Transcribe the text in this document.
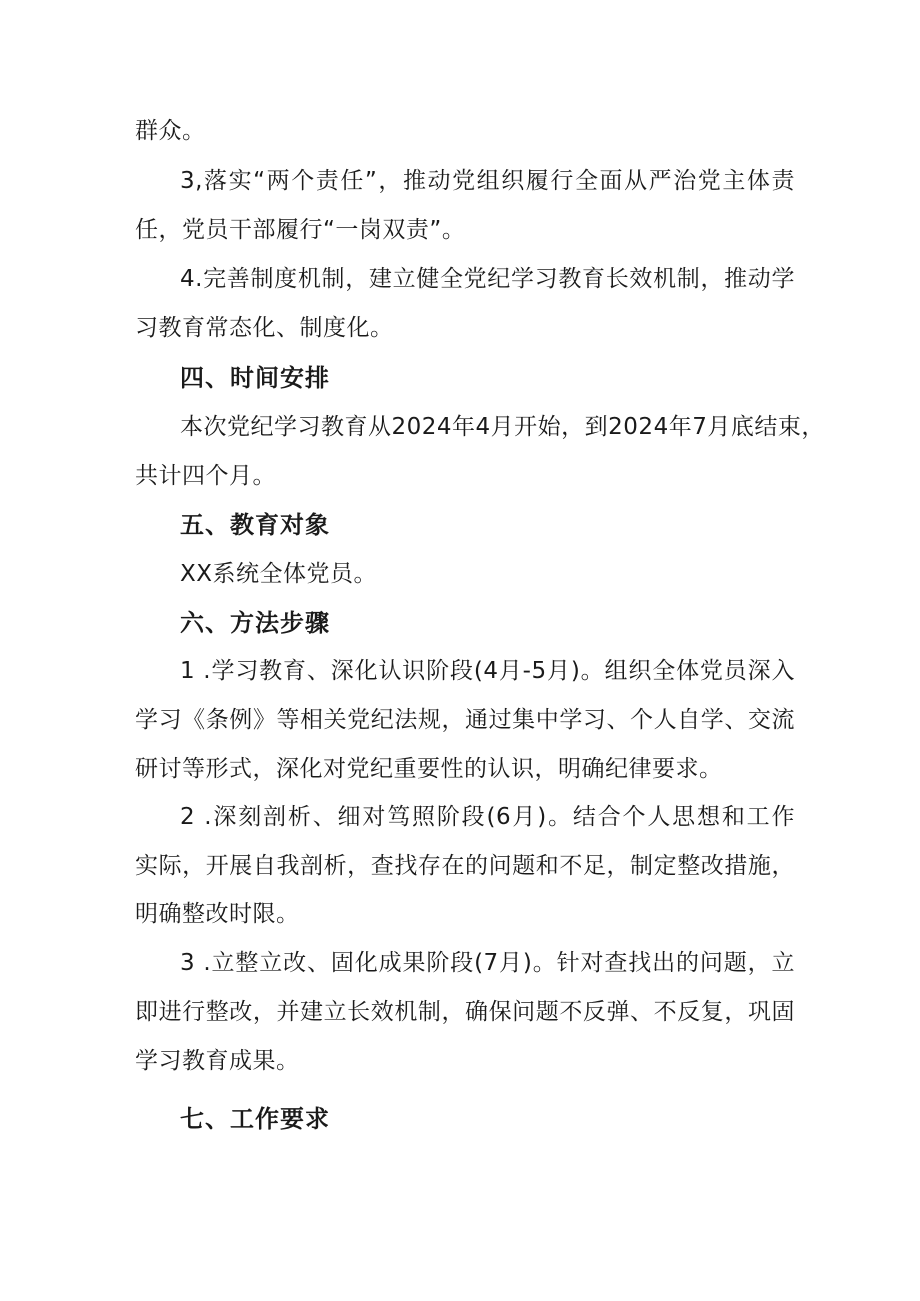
群众。
3,落实“两个责任”，推动党组织履行全面从严治党主体责
任，党员干部履行“一岗双责”。
4.完善制度机制，建立健全党纪学习教育长效机制，推动学
习教育常态化、制度化。
四、时间安排
本次党纪学习教育从2024年4月开始，到2024年7月底结束，
共计四个月。
五、教育对象
XX系统全体党员。
六、方法步骤
1 .学习教育、深化认识阶段(4月-5月)。组织全体党员深入
学习《条例》等相关党纪法规，通过集中学习、个人自学、交流
研讨等形式，深化对党纪重要性的认识，明确纪律要求。
2 .深刻剖析、细对笃照阶段(6月)。结合个人思想和工作
实际，开展自我剖析，查找存在的问题和不足，制定整改措施，
明确整改时限。
3 .立整立改、固化成果阶段(7月)。针对查找出的问题，立
即进行整改，并建立长效机制，确保问题不反弹、不反复，巩固
学习教育成果。
七、工作要求
